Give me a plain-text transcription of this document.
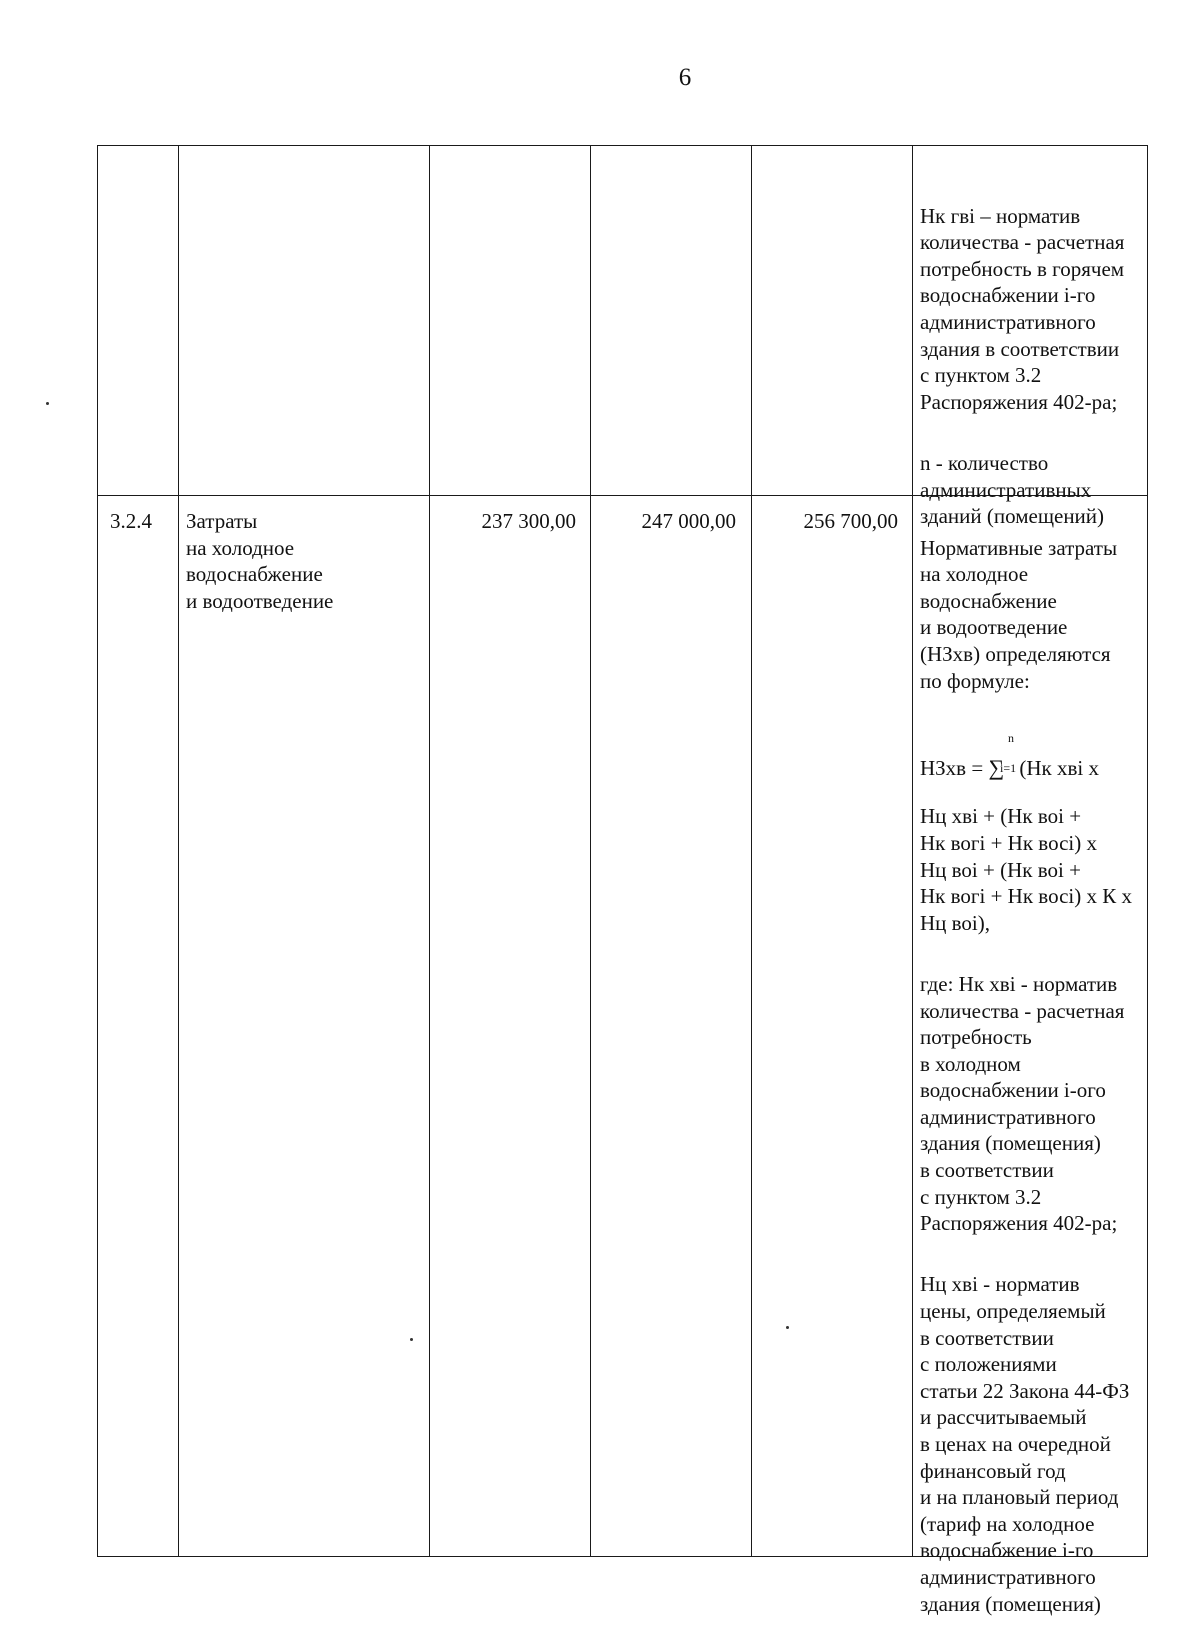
6

Нк гві – норматив
количества - расчетная
потребность в горячем
водоснабжении і-го
административного
здания в соответствии
с пунктом 3.2
Распоряжения 402-ра;

n - количество
административных
зданий (помещений)

3.2.4	Затраты
на холодное
водоснабжение
и водоотведение
237 300,00	247 000,00	256 700,00

Нормативные затраты
на холодное
водоснабжение
и водоотведение
(НЗхв) определяются
по формуле:

НЗхв = ∑
n
i=1
(Нк хві х

Нц хві + (Нк воі +
Нк вогі + Нк восі) х
Нц воі + (Нк воі +
Нк вогі + Нк восі) х К х
Нц воі),

где: Нк хві - норматив
количества - расчетная
потребность
в холодном
водоснабжении і-ого
административного
здания (помещения)
в соответствии
с пунктом 3.2
Распоряжения 402-ра;

Нц хві - норматив
цены, определяемый
в соответствии
с положениями
статьи 22 Закона 44-ФЗ
и рассчитываемый
в ценах на очередной
финансовый год
и на плановый период
(тариф на холодное
водоснабжение і-го
административного
здания (помещения)
